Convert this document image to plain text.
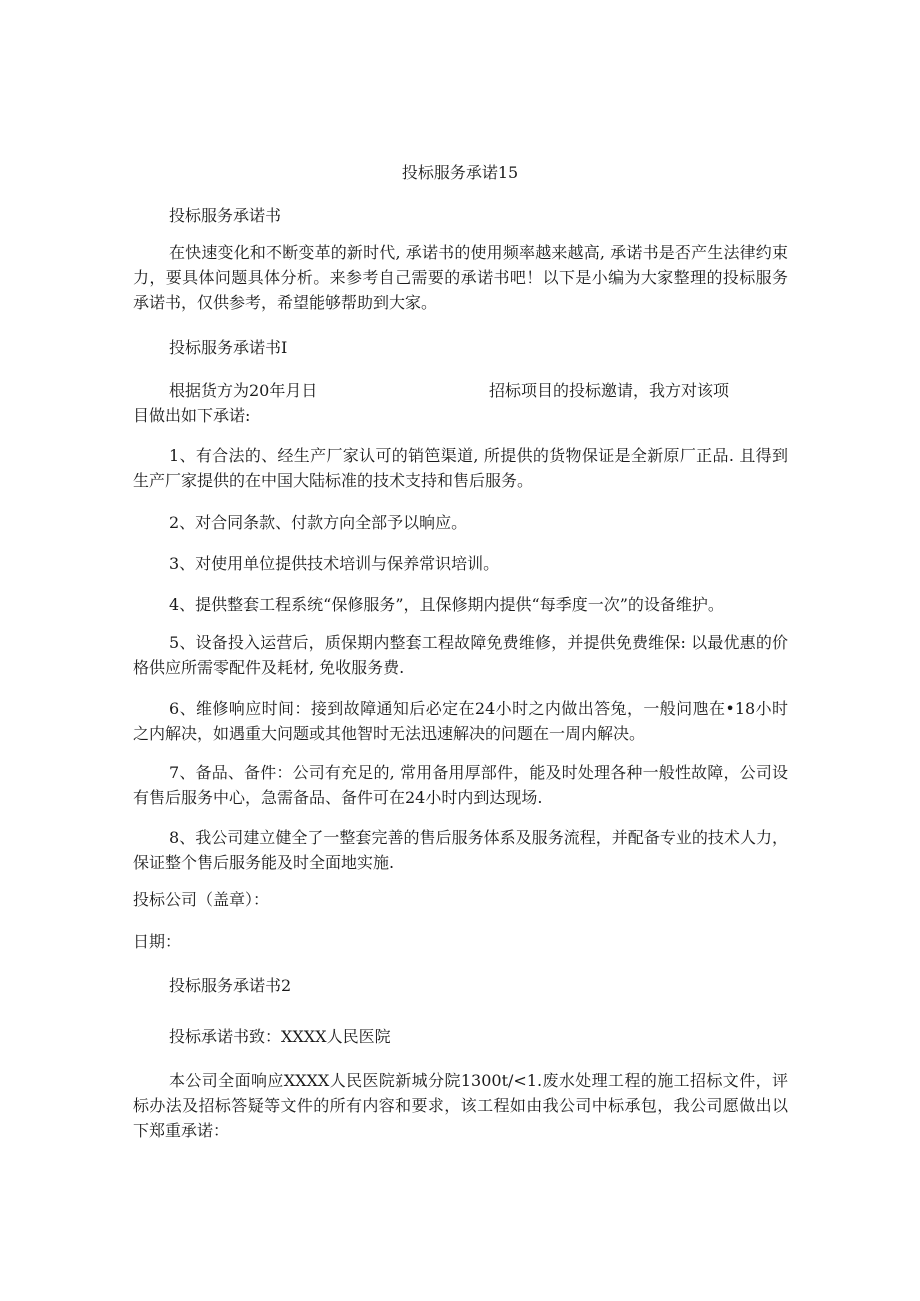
投标服务承诺15
投标服务承诺书
在快速变化和不断变革的新时代, 承诺书的使用频率越来越高, 承诺书是否产生法律约束力，要具体问题具体分析。来参考自己需要的承诺书吧！以下是小编为大家整理的投标服务承诺书，仅供参考，希望能够帮助到大家。
投标服务承诺书I
根据货方为20年月日	招标项目的投标邀请，我方对该项
目做出如下承诺:
1、有合法的、经生产厂家认可的销笆渠道, 所提供的货物保证是全新原厂正品. 且得到生产厂家提供的在中国大陆标准的技术支持和售后服务。
2、对合同条款、付款方向全部予以晌应。
3、对使用单位提供技术培训与保养常识培训。
4、提供整套工程系统“保修服务”，且保修期内提供“每季度一次”的设备维护。
5、设备投入运营后，质保期内整套工程故障免费维修，并提供免费维保: 以最优惠的价格供应所需零配件及耗材, 免收服务费.
6、维修响应时间：接到故障通知后必定在24小时之内做出答兔，一般问虺在•18小时之内解决，如遇重大问题或其他智时无法迅速解决的问题在一周内解决。
7、备品、备件：公司有充足的, 常用备用厚部件，能及时处理各种一般性故障，公司设有售后服务中心，急需备品、备件可在24小时内到达现场.
8、我公司建立健全了一整套完善的售后服务体系及服务流程，并配备专业的技术人力，保证整个售后服务能及时全面地实施.
投标公司（盖章）：
日期：
投标服务承诺书2
投标承诺书致：XXXX人民医院
本公司全面响应XXXX人民医院新城分院1300t/<1.废水处理工程的施工招标文件，评标办法及招标答疑等文件的所有内容和要求，该工程如由我公司中标承包，我公司愿做出以下郑重承诺：
